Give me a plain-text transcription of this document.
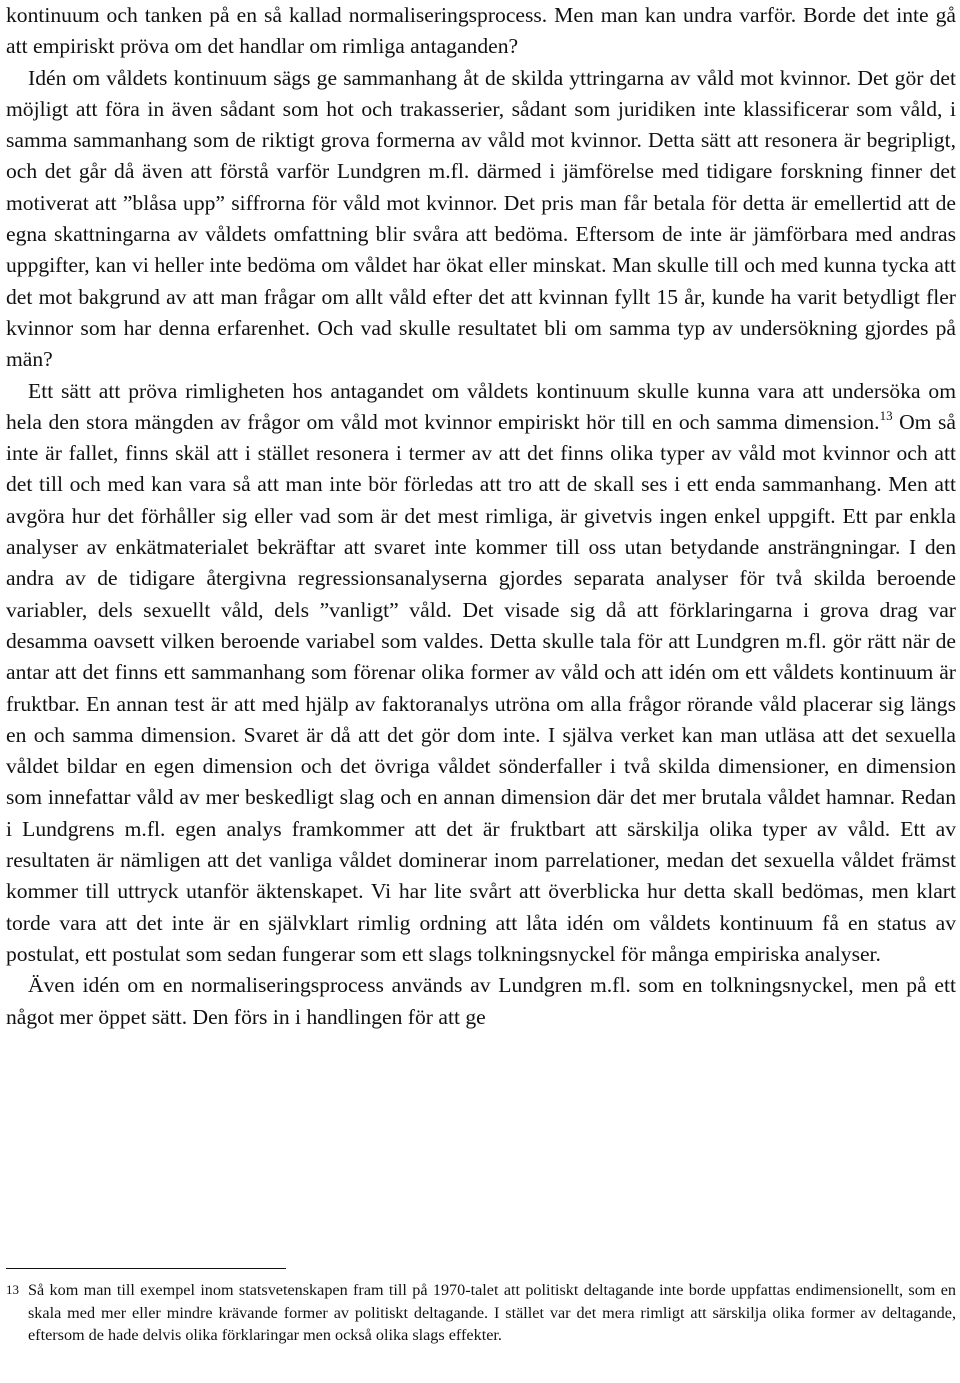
kontinuum och tanken på en så kallad normaliseringsprocess. Men man kan undra varför. Borde det inte gå att empiriskt pröva om det handlar om rimliga antaganden?

Idén om våldets kontinuum sägs ge sammanhang åt de skilda yttringarna av våld mot kvinnor. Det gör det möjligt att föra in även sådant som hot och trakasserier, sådant som juridiken inte klassificerar som våld, i samma sammanhang som de riktigt grova formerna av våld mot kvinnor. Detta sätt att resonera är begripligt, och det går då även att förstå varför Lundgren m.fl. därmed i jämförelse med tidigare forskning finner det motiverat att ”blåsa upp” siffrorna för våld mot kvinnor. Det pris man får betala för detta är emellertid att de egna skattningarna av våldets omfattning blir svåra att bedöma. Eftersom de inte är jämförbara med andras uppgifter, kan vi heller inte bedöma om våldet har ökat eller minskat. Man skulle till och med kunna tycka att det mot bakgrund av att man frågar om allt våld efter det att kvinnan fyllt 15 år, kunde ha varit betydligt fler kvinnor som har denna erfarenhet. Och vad skulle resultatet bli om samma typ av undersökning gjordes på män?

Ett sätt att pröva rimligheten hos antagandet om våldets kontinuum skulle kunna vara att undersöka om hela den stora mängden av frågor om våld mot kvinnor empiriskt hör till en och samma dimension.$^{13}$ Om så inte är fallet, finns skäl att i stället resonera i termer av att det finns olika typer av våld mot kvinnor och att det till och med kan vara så att man inte bör förledas att tro att de skall ses i ett enda sammanhang. Men att avgöra hur det förhåller sig eller vad som är det mest rimliga, är givetvis ingen enkel uppgift. Ett par enkla analyser av enkätmaterialet bekräftar att svaret inte kommer till oss utan betydande ansträngningar. I den andra av de tidigare återgivna regressionsanalyserna gjordes separata analyser för två skilda beroende variabler, dels sexuellt våld, dels ”vanligt” våld. Det visade sig då att förklaringarna i grova drag var desamma oavsett vilken beroende variabel som valdes. Detta skulle tala för att Lundgren m.fl. gör rätt när de antar att det finns ett sammanhang som förenar olika former av våld och att idén om ett våldets kontinuum är fruktbar. En annan test är att med hjälp av faktoranalys utröna om alla frågor rörande våld placerar sig längs en och samma dimension. Svaret är då att det gör dom inte. I själva verket kan man utläsa att det sexuella våldet bildar en egen dimension och det övriga våldet sönderfaller i två skilda dimensioner, en dimension som innefattar våld av mer beskedligt slag och en annan dimension där det mer brutala våldet hamnar. Redan i Lundgrens m.fl. egen analys framkommer att det är fruktbart att särskilja olika typer av våld. Ett av resultaten är nämligen att det vanliga våldet dominerar inom parrelationer, medan det sexuella våldet främst kommer till uttryck utanför äktenskapet. Vi har lite svårt att överblicka hur detta skall bedömas, men klart torde vara att det inte är en självklart rimlig ordning att låta idén om våldets kontinuum få en status av postulat, ett postulat som sedan fungerar som ett slags tolkningsnyckel för många empiriska analyser.

Även idén om en normaliseringsprocess används av Lundgren m.fl. som en tolkningsnyckel, men på ett något mer öppet sätt. Den förs in i handlingen för att ge

13 Så kom man till exempel inom statsvetenskapen fram till på 1970-talet att politiskt deltagande inte borde uppfattas endimensionellt, som en skala med mer eller mindre krävande former av politiskt deltagande. I stället var det mera rimligt att särskilja olika former av deltagande, eftersom de hade delvis olika förklaringar men också olika slags effekter.
